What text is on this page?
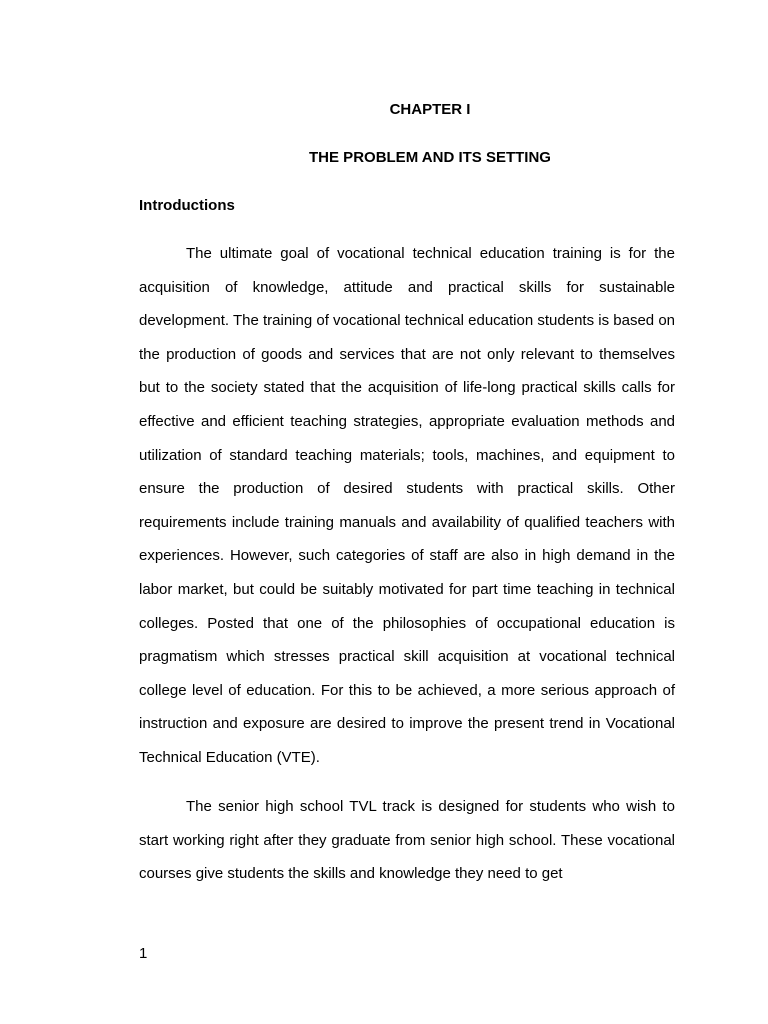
CHAPTER I
THE PROBLEM AND ITS SETTING
Introductions

The ultimate goal of vocational technical education training is for the acquisition of knowledge, attitude and practical skills for sustainable development. The training of vocational technical education students is based on the production of goods and services that are not only relevant to themselves but to the society stated that the acquisition of life-long practical skills calls for effective and efficient teaching strategies, appropriate evaluation methods and utilization of standard teaching materials; tools, machines, and equipment to ensure the production of desired students with practical skills. Other requirements include training manuals and availability of qualified teachers with experiences. However, such categories of staff are also in high demand in the labor market, but could be suitably motivated for part time teaching in technical colleges. Posted that one of the philosophies of occupational education is pragmatism which stresses practical skill acquisition at vocational technical college level of education. For this to be achieved, a more serious approach of instruction and exposure are desired to improve the present trend in Vocational Technical Education (VTE).

The senior high school TVL track is designed for students who wish to start working right after they graduate from senior high school. These vocational courses give students the skills and knowledge they need to get

1
